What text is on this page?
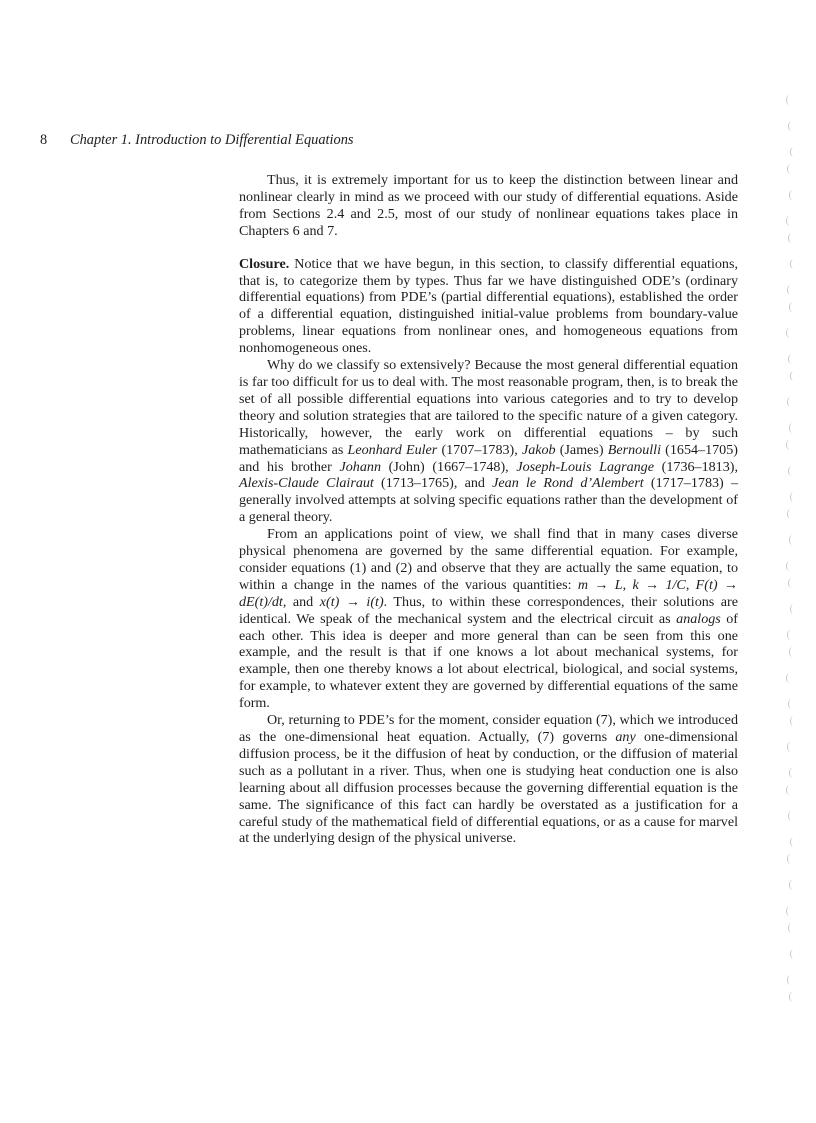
8 Chapter 1. Introduction to Differential Equations

Thus, it is extremely important for us to keep the distinction between linear and nonlinear clearly in mind as we proceed with our study of differential equations. Aside from Sections 2.4 and 2.5, most of our study of nonlinear equations takes place in Chapters 6 and 7.

Closure. Notice that we have begun, in this section, to classify differential equations, that is, to categorize them by types. Thus far we have distinguished ODE’s (ordinary differential equations) from PDE’s (partial differential equations), established the order of a differential equation, distinguished initial-value problems from boundary-value problems, linear equations from nonlinear ones, and homogeneous equations from nonhomogeneous ones.

Why do we classify so extensively? Because the most general differential equation is far too difficult for us to deal with. The most reasonable program, then, is to break the set of all possible differential equations into various categories and to try to develop theory and solution strategies that are tailored to the specific nature of a given category. Historically, however, the early work on differential equations – by such mathematicians as Leonhard Euler (1707–1783), Jakob (James) Bernoulli (1654–1705) and his brother Johann (John) (1667–1748), Joseph-Louis Lagrange (1736–1813), Alexis-Claude Clairaut (1713–1765), and Jean le Rond d’Alembert (1717–1783) – generally involved attempts at solving specific equations rather than the development of a general theory.

From an applications point of view, we shall find that in many cases diverse physical phenomena are governed by the same differential equation. For example, consider equations (1) and (2) and observe that they are actually the same equation, to within a change in the names of the various quantities: m → L, k → 1/C, F(t) → dE(t)/dt, and x(t) → i(t). Thus, to within these correspondences, their solutions are identical. We speak of the mechanical system and the electrical circuit as analogs of each other. This idea is deeper and more general than can be seen from this one example, and the result is that if one knows a lot about mechanical systems, for example, then one thereby knows a lot about electrical, biological, and social systems, for example, to whatever extent they are governed by differential equations of the same form.

Or, returning to PDE’s for the moment, consider equation (7), which we introduced as the one-dimensional heat equation. Actually, (7) governs any one-dimensional diffusion process, be it the diffusion of heat by conduction, or the diffusion of material such as a pollutant in a river. Thus, when one is studying heat conduction one is also learning about all diffusion processes because the governing differential equation is the same. The significance of this fact can hardly be overstated as a justification for a careful study of the mathematical field of differential equations, or as a cause for marvel at the underlying design of the physical universe.
